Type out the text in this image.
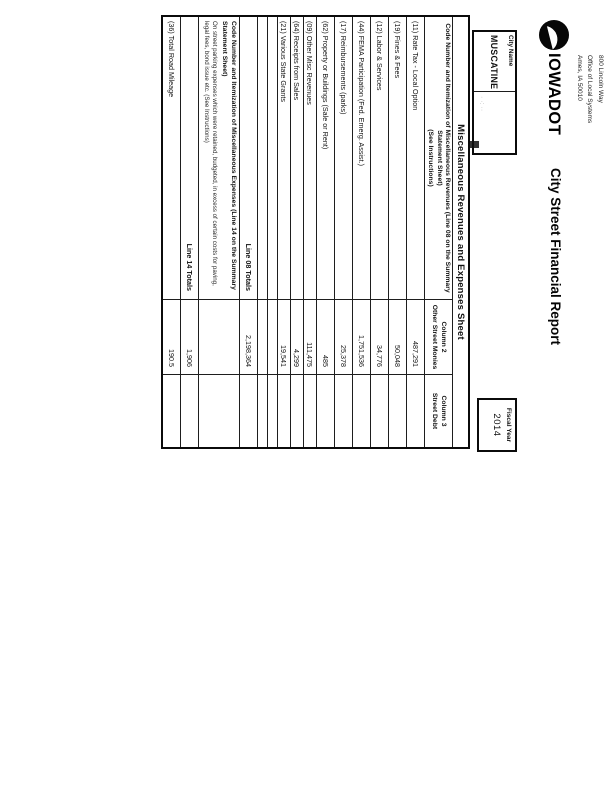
800 Lincoln Way
Office of Local Systems
Ames, IA 50010
IOWADOT
City Street Financial Report
City Name
· ·: ··
MUSCATINE
Fiscal Year
2014
Miscellaneous Revenues and Expenses Sheet
Code Number and Itemization of Miscellaneous Revenues (Line 08 on the Summary Statement Sheet)
(See Instructions)
Column 2
Other Street Monies
Column 3
Street Debt
(11) Rate Tax - Local Option
487,291
(19) Fines & Fees
50,048
(12) Labor & Services
34,776
(44) FEMA Participation (Fed. Emerg. Assist.)
1,751,536
(17) Reimbursements (parks)
25,378
(62) Property or Buildings (Sale or Rent)
485
(09) Other Misc Revenues
111,475
(64) Receipts from Sales
4,299
(21) Various State Grants
19,541
Line 08 Totals
2,198,364
Code Number and Itemization of Miscellaneous Expenses (Line 14 on the Summary Statement Sheet)
On street parking expenses which were retained, budgeted, in excess of certain costs for paving, legal fees, bond issue etc. (See Instructions)
Line 14 Totals
1,906
(36) Total Road Mileage
190.5
